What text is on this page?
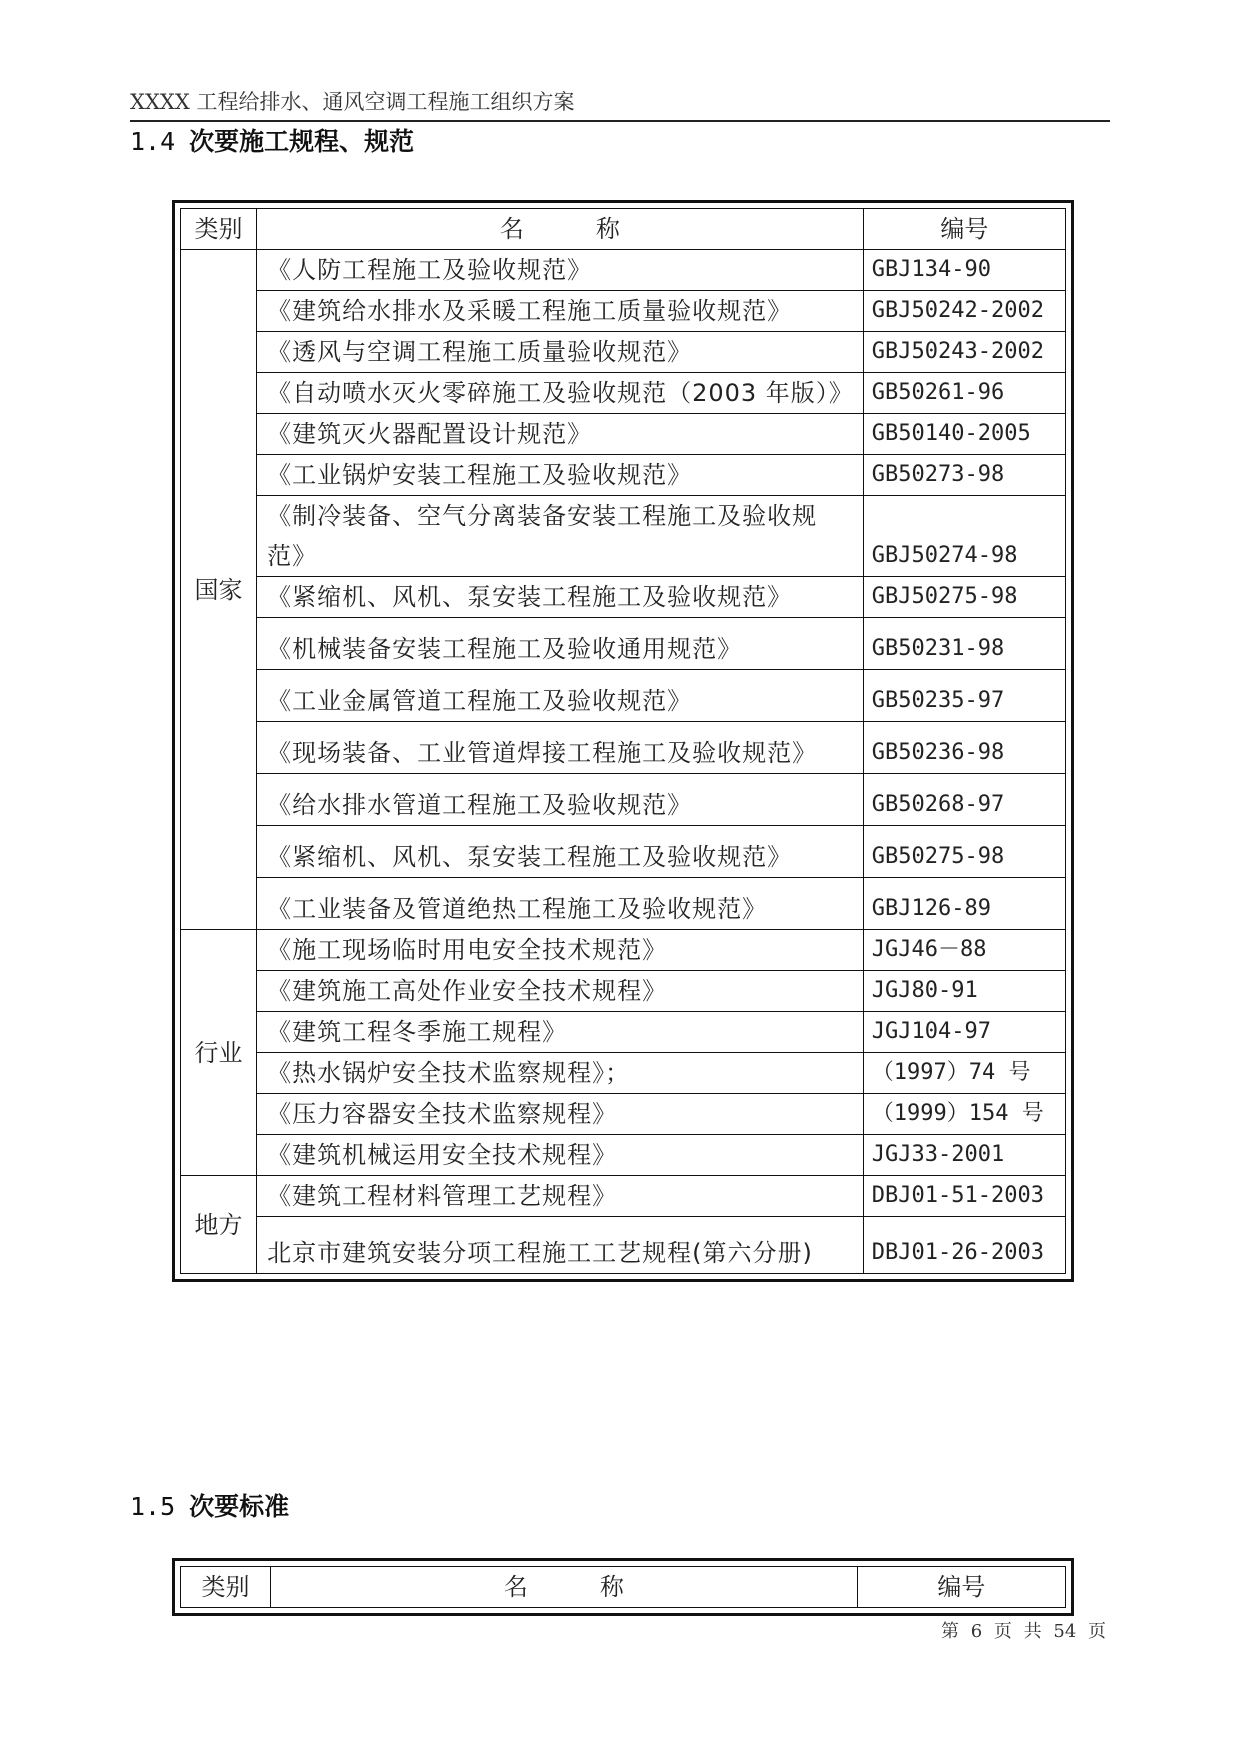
XXXX 工程给排水、通风空调工程施工组织方案
1.4 次要施工规程、规范
类别	名　　　称	编号
国家	《人防工程施工及验收规范》	GBJ134-90
	《建筑给水排水及采暖工程施工质量验收规范》	GBJ50242-2002
	《透风与空调工程施工质量验收规范》	GBJ50243-2002
	《自动喷水灭火零碎施工及验收规范（2003 年版）》	GB50261-96
	《建筑灭火器配置设计规范》	GB50140-2005
	《工业锅炉安装工程施工及验收规范》	GB50273-98
	《制冷装备、空气分离装备安装工程施工及验收规范》	GBJ50274-98
	《紧缩机、风机、泵安装工程施工及验收规范》	GBJ50275-98
	《机械装备安装工程施工及验收通用规范》	GB50231-98
	《工业金属管道工程施工及验收规范》	GB50235-97
	《现场装备、工业管道焊接工程施工及验收规范》	GB50236-98
	《给水排水管道工程施工及验收规范》	GB50268-97
	《紧缩机、风机、泵安装工程施工及验收规范》	GB50275-98
	《工业装备及管道绝热工程施工及验收规范》	GBJ126-89
行业	《施工现场临时用电安全技术规范》	JGJ46－88
	《建筑施工高处作业安全技术规程》	JGJ80-91
	《建筑工程冬季施工规程》	JGJ104-97
	《热水锅炉安全技术监察规程》；	（1997）74 号
	《压力容器安全技术监察规程》	（1999）154 号
	《建筑机械运用安全技术规程》	JGJ33-2001
地方	《建筑工程材料管理工艺规程》	DBJ01-51-2003
	北京市建筑安装分项工程施工工艺规程(第六分册)	DBJ01-26-2003
1.5 次要标准
类别	名　　　称	编号
第 6 页 共 54 页
